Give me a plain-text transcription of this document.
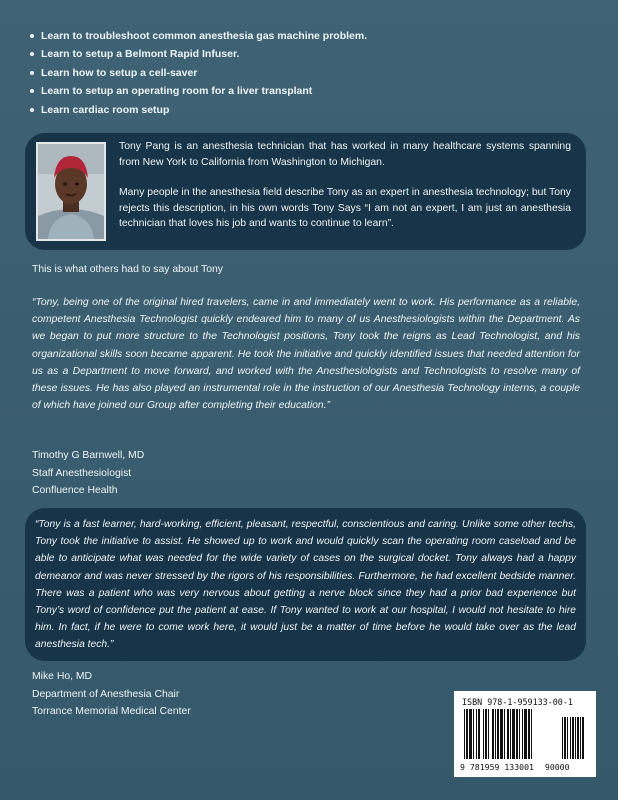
Learn to troubleshoot common anesthesia gas machine problem.
Learn to setup a Belmont Rapid Infuser.
Learn how to setup a cell-saver
Learn to setup an operating room for a liver transplant
Learn cardiac room setup

Tony Pang is an anesthesia technician that has worked in many healthcare systems spanning from New York to California from Washington to Michigan.

Many people in the anesthesia field describe Tony as an expert in anesthesia technology; but Tony rejects this description, in his own words Tony Says “I am not an expert, I am just an anesthesia technician that loves his job and wants to continue to learn”.

This is what others had to say about Tony

“Tony, being one of the original hired travelers, came in and immediately went to work. His performance as a reliable, competent Anesthesia Technologist quickly endeared him to many of us Anesthesiologists within the Department. As we began to put more structure to the Technologist positions, Tony took the reigns as Lead Technologist, and his organizational skills soon became apparent. He took the initiative and quickly identified issues that needed attention for us as a Department to move forward, and worked with the Anesthesiologists and Technologists to resolve many of these issues. He has also played an instrumental role in the instruction of our Anesthesia Technology interns, a couple of which have joined our Group after completing their education.”

Timothy G Barnwell, MD
Staff Anesthesiologist
Confluence Health

“Tony is a fast learner, hard-working, efficient, pleasant, respectful, conscientious and caring. Unlike some other techs, Tony took the initiative to assist. He showed up to work and would quickly scan the operating room caseload and be able to anticipate what was needed for the wide variety of cases on the surgical docket. Tony always had a happy demeanor and was never stressed by the rigors of his responsibilities. Furthermore, he had excellent bedside manner. There was a patient who was very nervous about getting a nerve block since they had a prior bad experience but Tony’s word of confidence put the patient at ease. If Tony wanted to work at our hospital, I would not hesitate to hire him. In fact, if he were to come work here, it would just be a matter of time before he would take over as the lead anesthesia tech.”

Mike Ho, MD
Department of Anesthesia Chair
Torrance Memorial Medical Center
ISBN 978-1-959133-00-1
9 781959 133001 90000
